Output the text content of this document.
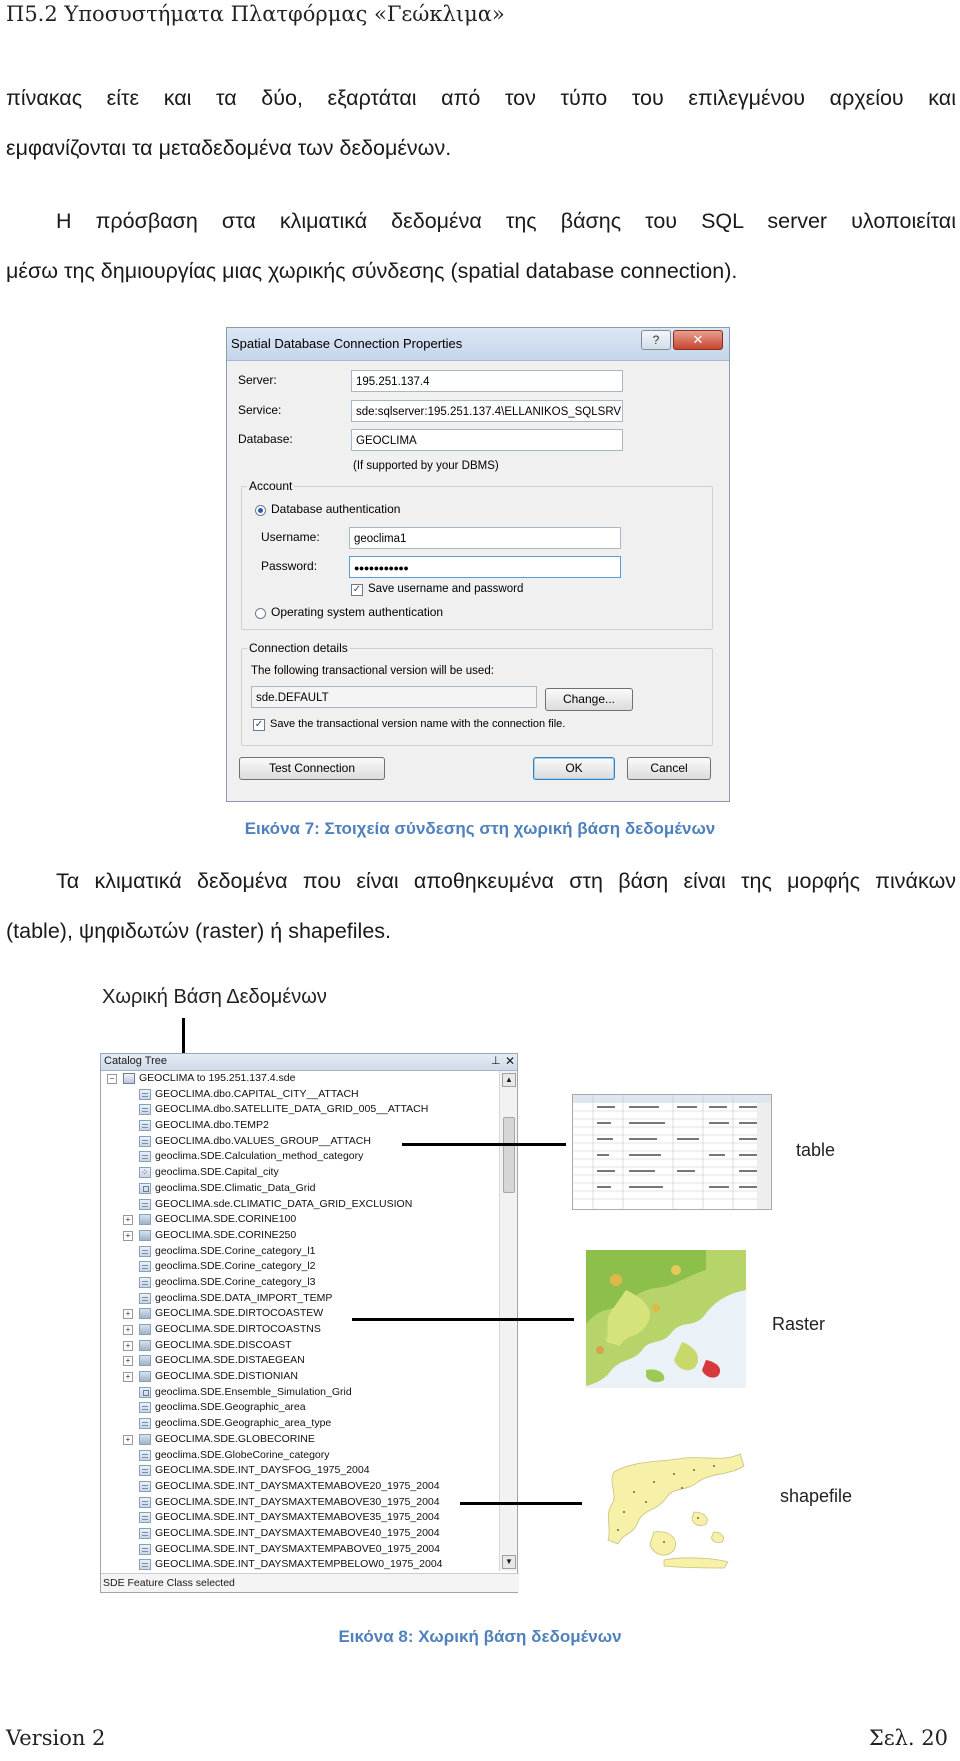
Π5.2 Υποσυστήματα Πλατφόρμας «Γεώκλιμα»
πίνακας είτε και τα δύο, εξαρτάται από τον τύπο του επιλεγμένου αρχείου και
εμφανίζονται τα μεταδεδομένα των δεδομένων.
Η πρόσβαση στα κλιματικά δεδομένα της βάσης του SQL server υλοποιείται
μέσω της δημιουργίας μιας χωρικής σύνδεσης (spatial database connection).
Spatial Database Connection Properties	?	✕
Server:	195.251.137.4
Service:	sde:sqlserver:195.251.137.4\ELLANIKOS_SQLSRV
Database:	GEOCLIMA
(If supported by your DBMS)
Account
Database authentication
Username:	geoclima1
Password:	●●●●●●●●●●●
✓ Save username and password
Operating system authentication
Connection details
The following transactional version will be used:
sde.DEFAULT	Change...
✓ Save the transactional version name with the connection file.
Test Connection	OK	Cancel
Εικόνα 7: Στοιχεία σύνδεσης στη χωρική βάση δεδομένων
Τα κλιματικά δεδομένα που είναι αποθηκευμένα στη βάση είναι της μορφής πινάκων
(table), ψηφιδωτών (raster) ή shapefiles.
Χωρική Βάση Δεδομένων
Catalog Tree	⊥ ✕
− GEOCLIMA to 195.251.137.4.sde
GEOCLIMA.dbo.CAPITAL_CITY__ATTACH
GEOCLIMA.dbo.SATELLITE_DATA_GRID_005__ATTACH
GEOCLIMA.dbo.TEMP2
GEOCLIMA.dbo.VALUES_GROUP__ATTACH
geoclima.SDE.Calculation_method_category
⁘
geoclima.SDE.Capital_city
geoclima.SDE.Climatic_Data_Grid
GEOCLIMA.sde.CLIMATIC_DATA_GRID_EXCLUSION
+ GEOCLIMA.SDE.CORINE100
+ GEOCLIMA.SDE.CORINE250
geoclima.SDE.Corine_category_l1
geoclima.SDE.Corine_category_l2
geoclima.SDE.Corine_category_l3
geoclima.SDE.DATA_IMPORT_TEMP
+ GEOCLIMA.SDE.DIRTOCOASTEW
+ GEOCLIMA.SDE.DIRTOCOASTNS
+ GEOCLIMA.SDE.DISCOAST
+ GEOCLIMA.SDE.DISTAEGEAN
+ GEOCLIMA.SDE.DISTIONIAN
geoclima.SDE.Ensemble_Simulation_Grid
geoclima.SDE.Geographic_area
geoclima.SDE.Geographic_area_type
+ GEOCLIMA.SDE.GLOBECORINE
geoclima.SDE.GlobeCorine_category
GEOCLIMA.SDE.INT_DAYSFOG_1975_2004
GEOCLIMA.SDE.INT_DAYSMAXTEMABOVE20_1975_2004
GEOCLIMA.SDE.INT_DAYSMAXTEMABOVE30_1975_2004
GEOCLIMA.SDE.INT_DAYSMAXTEMABOVE35_1975_2004
GEOCLIMA.SDE.INT_DAYSMAXTEMABOVE40_1975_2004
GEOCLIMA.SDE.INT_DAYSMAXTEMPABOVE0_1975_2004
GEOCLIMA.SDE.INT_DAYSMAXTEMPBELOW0_1975_2004
▲
▼
SDE Feature Class selected
table
Raster
shapefile
Εικόνα 8: Χωρική βάση δεδομένων
Version 2	Σελ. 20
